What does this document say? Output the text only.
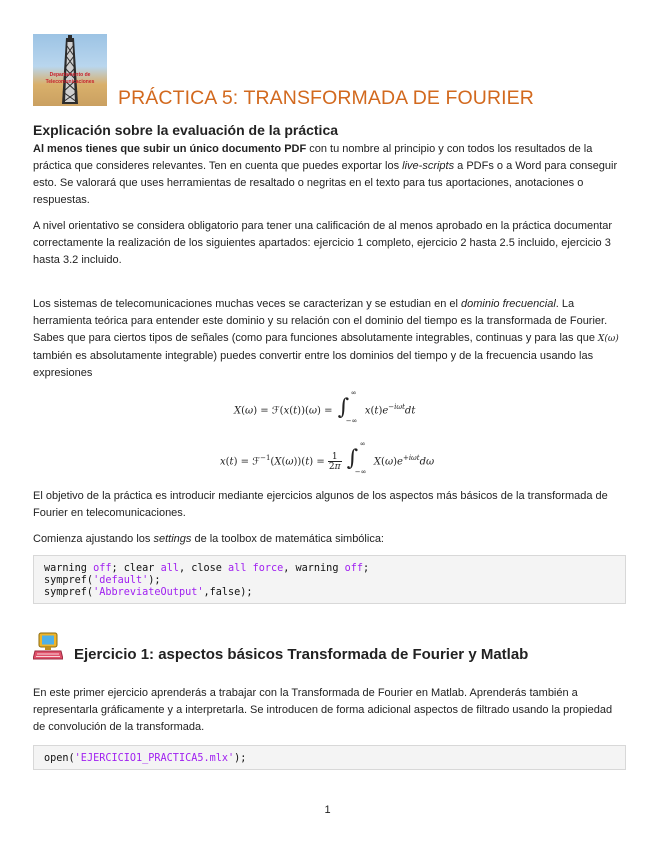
Departamento de
Telecomunicaciones
PRÁCTICA 5: TRANSFORMADA DE FOURIER
Explicación sobre la evaluación de la práctica

Al menos tienes que subir un único documento PDF con tu nombre al principio y con todos los resultados de la práctica que consideres relevantes. Ten en cuenta que puedes exportar los live-scripts a PDFs o a Word para conseguir esto. Se valorará que uses herramientas de resaltado o negritas en el texto para tus aportaciones, anotaciones o respuestas.

A nivel orientativo se considera obligatorio para tener una calificación de al menos aprobado en la práctica documentar correctamente la realización de los siguientes apartados: ejercicio 1 completo, ejercicio 2 hasta 2.5 incluido, ejercicio 3 hasta 3.2 incluido.

Los sistemas de telecomunicaciones muchas veces se caracterizan y se estudian en el dominio frecuencial. La herramienta teórica para entender este dominio y su relación con el dominio del tiempo es la transformada de Fourier. Sabes que para ciertos tipos de señales (como para funciones absolutamente integrables, continuas y para las que X(ω) también es absolutamente integrable) puedes convertir entre los dominios del tiempo y de la frecuencia usando las expresiones

X(ω) = ℱ(x(t))(ω) = ∫
∞
−∞
$x(t)e^{-i\omega t}dt$
x(t) = ℱ$^{-1}$(X(ω))(t) = 1
2π ∫
∞
−∞
$X(\omega)e^{+i\omega t}d\omega$

El objetivo de la práctica es introducir mediante ejercicios algunos de los aspectos más básicos de la transformada de Fourier en telecomunicaciones.

Comienza ajustando los settings de la toolbox de matemática simbólica:

warning off; clear all, close all force, warning off;
sympref('default');
sympref('AbbreviateOutput',false);
Ejercicio 1: aspectos básicos Transformada de Fourier y Matlab

En este primer ejercicio aprenderás a trabajar con la Transformada de Fourier en Matlab. Aprenderás también a representarla gráficamente y a interpretarla. Se introducen de forma adicional aspectos de filtrado usando la propiedad de convolución de la transformada.

open('EJERCICIO1_PRACTICA5.mlx');
1
